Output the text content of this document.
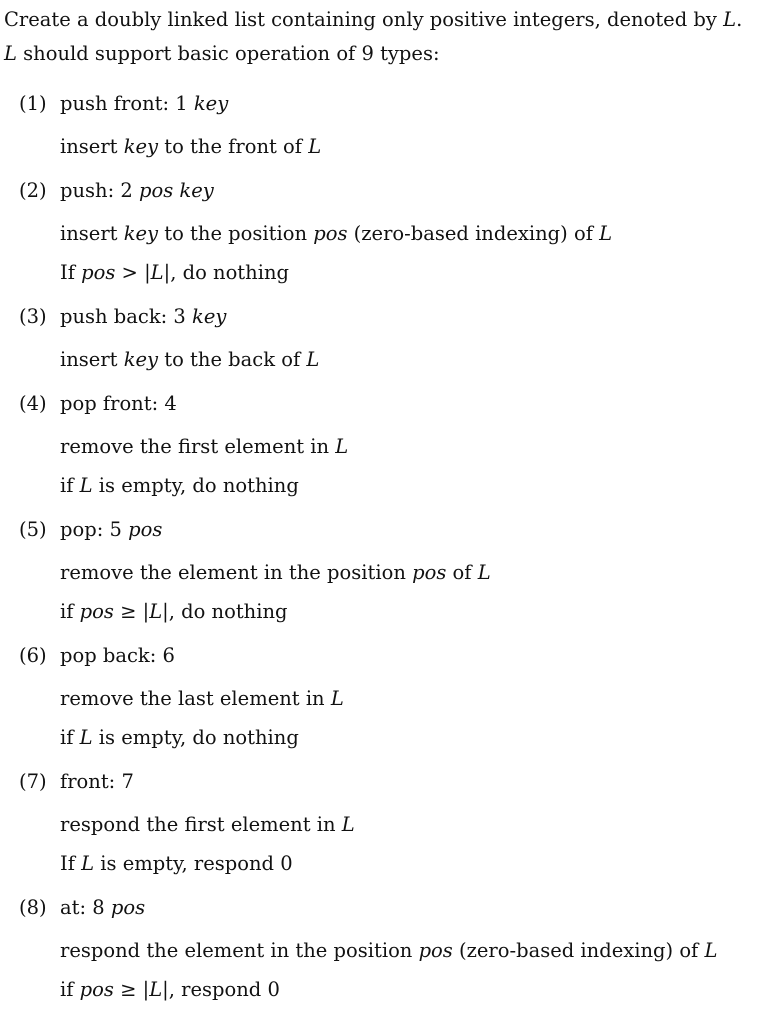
Create a doubly linked list containing only positive integers, denoted by L.
L should support basic operation of 9 types:
(1) push front: 1 key
insert key to the front of L
(2) push: 2 pos key
insert key to the position pos (zero-based indexing) of L
If pos > |L|, do nothing
(3) push back: 3 key
insert key to the back of L
(4) pop front: 4
remove the first element in L
if L is empty, do nothing
(5) pop: 5 pos
remove the element in the position pos of L
if pos ≥ |L|, do nothing
(6) pop back: 6
remove the last element in L
if L is empty, do nothing
(7) front: 7
respond the first element in L
If L is empty, respond 0
(8) at: 8 pos
respond the element in the position pos (zero-based indexing) of L
if pos ≥ |L|, respond 0
